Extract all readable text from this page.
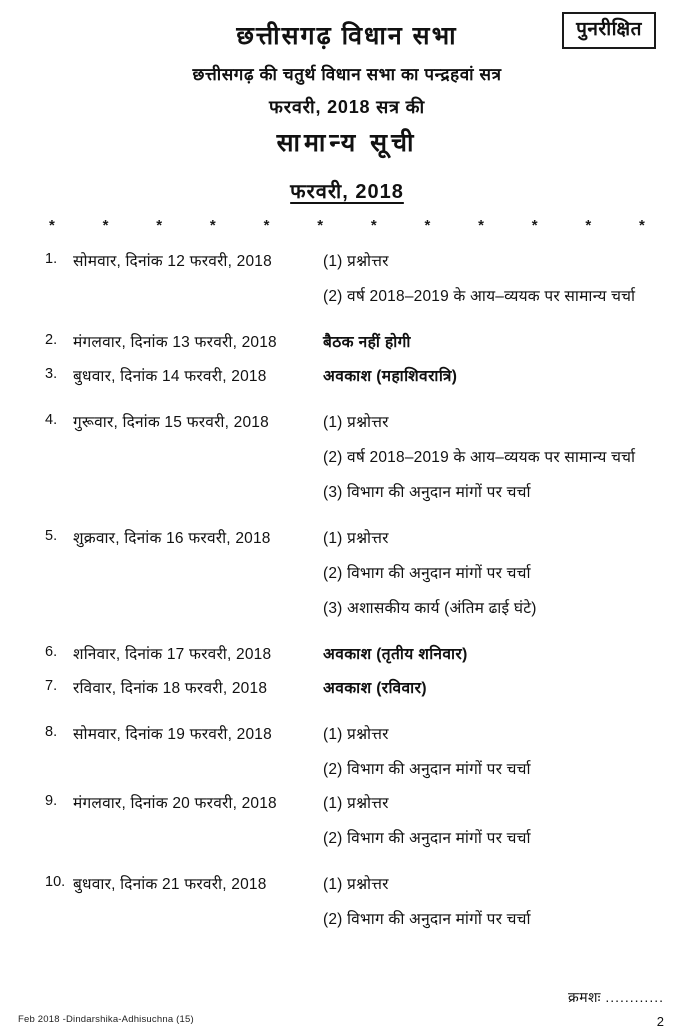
पुनरीक्षित
छत्तीसगढ़ विधान सभा
छत्तीसगढ़ की चतुर्थ विधान सभा का पन्द्रहवां सत्र
फरवरी, 2018 सत्र की
सामान्य सूची
फरवरी, 2018
*	*	*	*	*	*	*	*	*	*	*	*
1.	सोमवार, दिनांक 12 फरवरी, 2018	(1) प्रश्नोत्तर
(2) वर्ष 2018–2019 के आय–व्ययक पर सामान्य चर्चा
2.	मंगलवार, दिनांक 13 फरवरी, 2018	बैठक नहीं होगी
3.	बुधवार, दिनांक 14 फरवरी, 2018	अवकाश (महाशिवरात्रि)
4.	गुरूवार, दिनांक 15 फरवरी, 2018	(1) प्रश्नोत्तर
(2) वर्ष 2018–2019 के आय–व्ययक पर सामान्य चर्चा
(3) विभाग की अनुदान मांगों पर चर्चा
5.	शुक्रवार, दिनांक 16 फरवरी, 2018	(1) प्रश्नोत्तर
(2) विभाग की अनुदान मांगों पर चर्चा
(3) अशासकीय कार्य (अंतिम ढाई घंटे)
6.	शनिवार, दिनांक 17 फरवरी, 2018	अवकाश (तृतीय शनिवार)
7.	रविवार, दिनांक 18 फरवरी, 2018	अवकाश (रविवार)
8.	सोमवार, दिनांक 19 फरवरी, 2018	(1) प्रश्नोत्तर
(2) विभाग की अनुदान मांगों पर चर्चा
9.	मंगलवार, दिनांक 20 फरवरी, 2018	(1) प्रश्नोत्तर
(2) विभाग की अनुदान मांगों पर चर्चा
10. बुधवार, दिनांक 21 फरवरी, 2018	(1) प्रश्नोत्तर
(2) विभाग की अनुदान मांगों पर चर्चा
Feb 2018 -Dindarshika-Adhisuchna (15)
क्रमशः ............
2
